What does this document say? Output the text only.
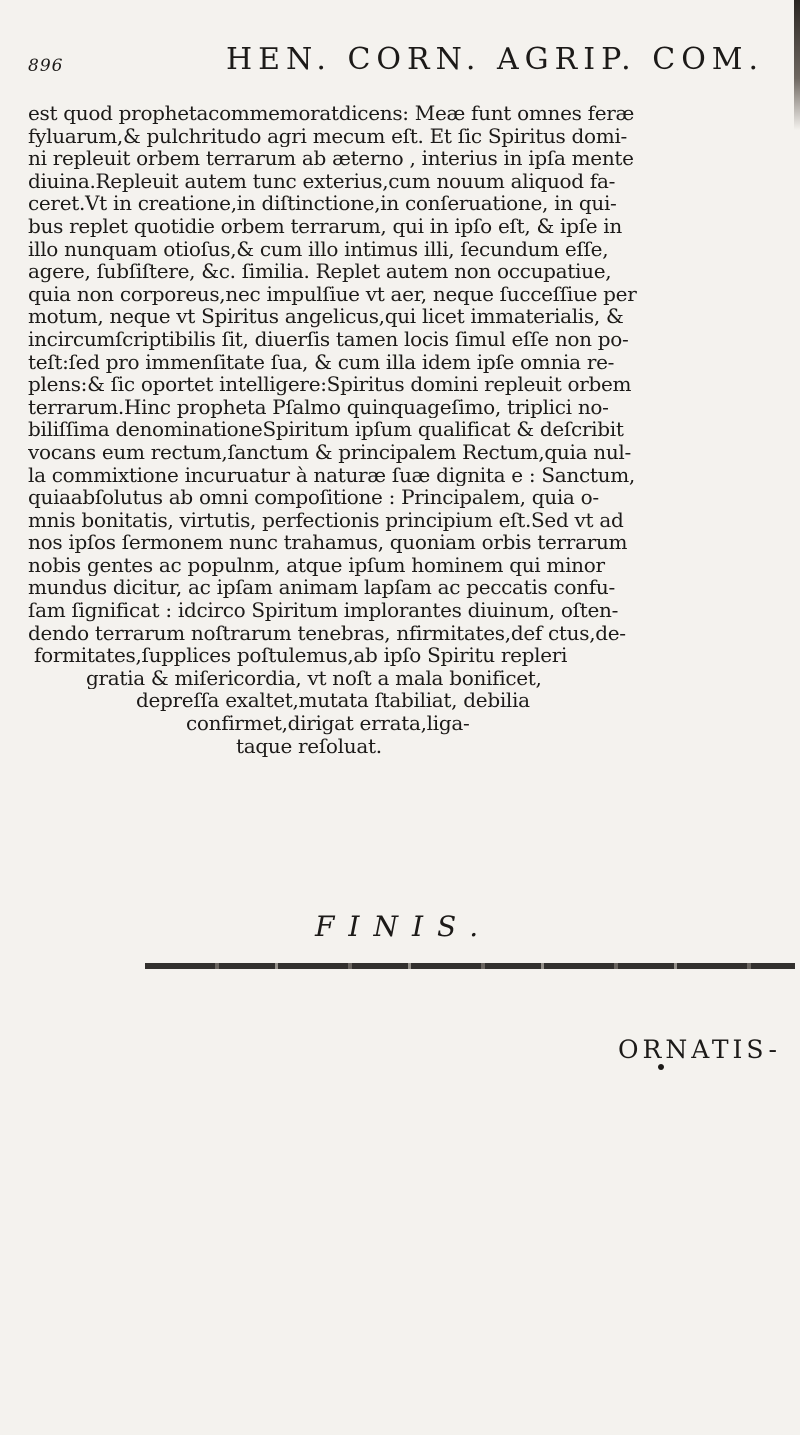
896	HEN. CORN. AGRIP. COM.
est quod prophetacommemoratdicens: Meæ funt omnes feræ
fyluarum,& pulchritudo agri mecum eſt. Et ſic Spiritus domi-
ni repleuit orbem terrarum ab æterno , interius in ipſa mente
diuina.Repleuit autem tunc exterius,cum nouum aliquod fa-
ceret.Vt in creatione,in diſtinctione,in conſeruatione, in qui-
bus replet quotidie orbem terrarum, qui in ipſo eſt, & ipſe in
illo nunquam otioſus,& cum illo intimus illi, ſecundum eſſe,
agere, ſubſiſtere, &c. ſimilia. Replet autem non occupatiue,
quia non corporeus,nec impulſiue vt aer, neque ſucceſſiue per
motum, neque vt Spiritus angelicus,qui licet immaterialis, &
incircumſcriptibilis ſit, diuerſis tamen locis ſimul eſſe non po-
teſt:ſed pro immenſitate ſua, & cum illa idem ipſe omnia re-
plens:& ſic oportet intelligere:Spiritus domini repleuit orbem
terrarum.Hinc propheta Pſalmo quinquageſimo, triplici no-
biliſſima denominationeSpiritum ipſum qualificat & deſcribit
vocans eum rectum,ſanctum & principalem Rectum,quia nul-
la commixtione incuruatur à naturæ ſuæ dignita e : Sanctum,
quiaabſolutus ab omni compoſitione : Principalem, quia o-
mnis bonitatis, virtutis, perfectionis principium eſt.Sed vt ad
nos ipſos ſermonem nunc trahamus, quoniam orbis terrarum
nobis gentes ac populnm, atque ipſum hominem qui minor
mundus dicitur, ac ipſam animam lapſam ac peccatis confu-
ſam ſignificat : idcirco Spiritum implorantes diuinum, oſten-
dendo terrarum noſtrarum tenebras, nfirmitates,def ctus,de-
formitates,ſupplices poſtulemus,ab ipſo Spiritu repleri
gratia & miſericordia, vt noſt a mala bonificet,
depreſſa exaltet,mutata ſtabiliat, debilia
confirmet,dirigat errata,liga-
taque reſoluat.
FINIS.
ORNATIS-
